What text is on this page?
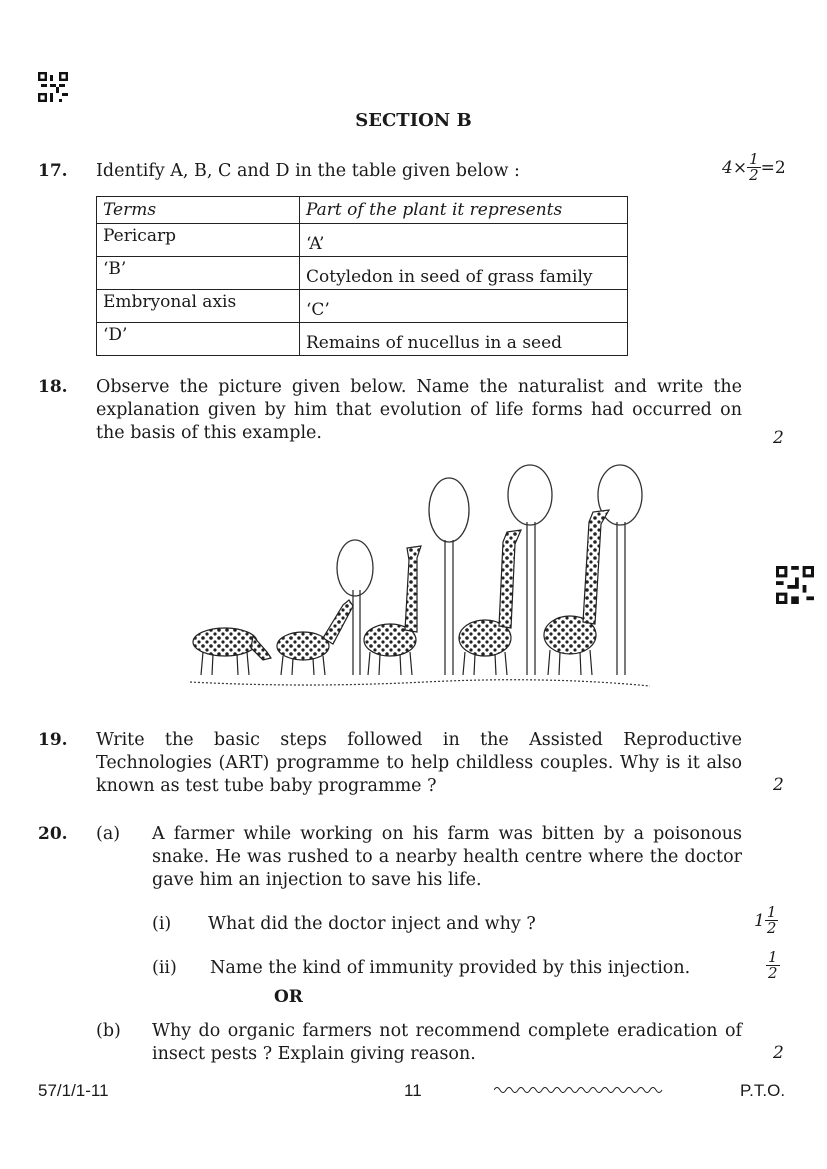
SECTION B
17. Identify A, B, C and D in the table given below :	$4\times \frac{1}{2} =2$
Terms	Part of the plant it represents
Pericarp	‘A’
‘B’	Cotyledon in seed of grass family
Embryonal axis	‘C’
‘D’	Remains of nucellus in a seed
18. Observe the picture given below. Name the naturalist and write the explanation given by him that evolution of life forms had occurred on the basis of this example.	2
19. Write the basic steps followed in the Assisted Reproductive Technologies (ART) programme to help childless couples. Why is it also known as test tube baby programme ?	2
20. (a) A farmer while working on his farm was bitten by a poisonous snake. He was rushed to a nearby health centre where the doctor gave him an injection to save his life.
(i) What did the doctor inject and why ?	$1 \frac{1}{2}$
(ii) Name the kind of immunity provided by this injection.	$\frac{1}{2}$
OR
(b) Why do organic farmers not recommend complete eradication of insect pests ? Explain giving reason.	2
57/1/1-11	11	P.T.O.
